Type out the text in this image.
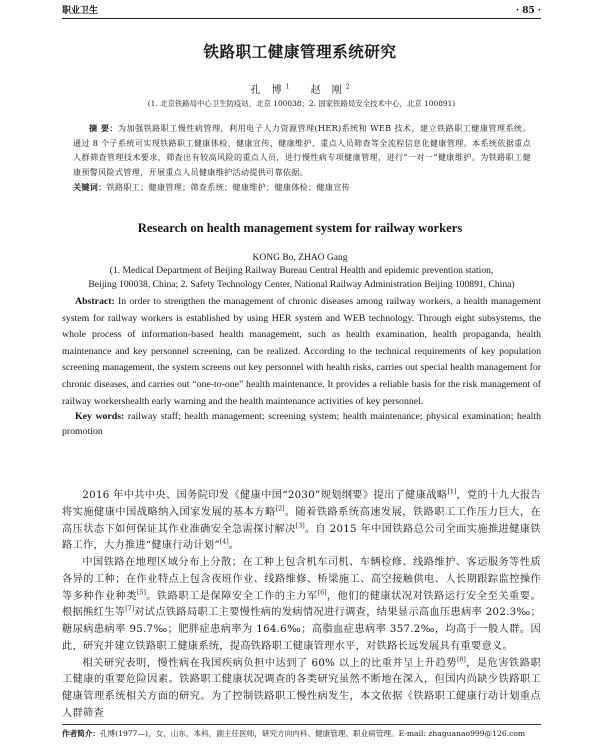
职业卫生	· 85 ·
铁路职工健康管理系统研究
孔 博$^1$ 赵 刚$^2$
(1. 北京铁路局中心卫生防疫站，北京 100038；2. 国家铁路局安全技术中心，北京 100891)

摘 要：为加强铁路职工慢性病管理，利用电子人力资源管理(HER)系统和 WEB 技术，建立铁路职工健康管理系统。通过 8 个子系统可实现铁路职工健康体检、健康宣传、健康维护、重点人员筛查等全流程信息化健康管理。本系统依据重点人群筛查管理技术要求，筛查出有较高风险的重点人员，进行慢性病专项健康管理，进行“一对一”健康维护。为铁路职工健康预警风险式管理，开展重点人员健康维护活动提供可靠依据。

关键词：铁路职工；健康管理；筛查系统；健康维护；健康体检；健康宣传

Research on health management system for railway workers
KONG Bo, ZHAO Gang
(1. Medical Department of Beijing Railway Bureau Central Health and epidemic prevention station,
Beijing 100038, China; 2. Safety Technology Center, National Railway Administration Beijing 100891, China)

Abstract: In order to strengthen the management of chronic diseases among railway workers, a health management system for railway workers is established by using HER system and WEB technology. Through eight subsystems, the whole process of information-based health management, such as health examination, health propaganda, health maintenance and key personnel screening, can be realized. According to the technical requirements of key population screening management, the system screens out key personnel with health risks, carries out special health management for chronic diseases, and carries out “one-to-one” health maintenance. It provides a reliable basis for the risk management of railway workershealth early warning and the health maintenance activities of key personnel.

Key words: railway staff; health management; screening system; health maintenance; physical examination; health promotion

2016 年中共中央、国务院印发《健康中国“2030”规划纲要》提出了健康战略[1]，党的十九大报告将实施健康中国战略纳入国家发展的基本方略[2]。随着铁路系统高速发展，铁路职工工作压力巨大，在高压状态下如何保证其作业准确安全急需探讨解决[3]。自 2015 年中国铁路总公司全面实施推进健康铁路工作，大力推进“健康行动计划”[4]。

中国铁路在地理区域分布上分散；在工种上包含机车司机、车辆检修、线路维护、客运服务等性质各异的工种；在作业特点上包含夜班作业、线路维修、桥梁施工、高空接触供电、人长期跟踪监控操作等多种作业种类[5]。铁路职工是保障安全工作的主力军[6]，他们的健康状况对铁路运行安全至关重要。根据熊红生等[7]对试点铁路局职工主要慢性病的发病情况进行调查，结果显示高血压患病率 202.3‰；糖尿病患病率 95.7‰；肥胖症患病率为 164.6‰；高脂血症患病率 357.2‰，均高于一般人群。因此，研究并建立铁路职工健康系统，提高铁路职工健康管理水平，对铁路长远发展具有重要意义。

相关研究表明，慢性病在我国疾病负担中达到了 60% 以上的比重并呈上升趋势[8]，是危害铁路职工健康的重要危险因素。铁路职工健康状况调查的各类研究虽然不断地在深入，但国内尚缺少铁路职工健康管理系统相关方面的研究。为了控制铁路职工慢性病发生，本文依据《铁路职工健康行动计划重点人群筛查

作者简介：孔博(1977—)，女，山东，本科，副主任医师，研究方向内科、健康管理、职业病管理。E-mail: zhaguanao999@126.com
